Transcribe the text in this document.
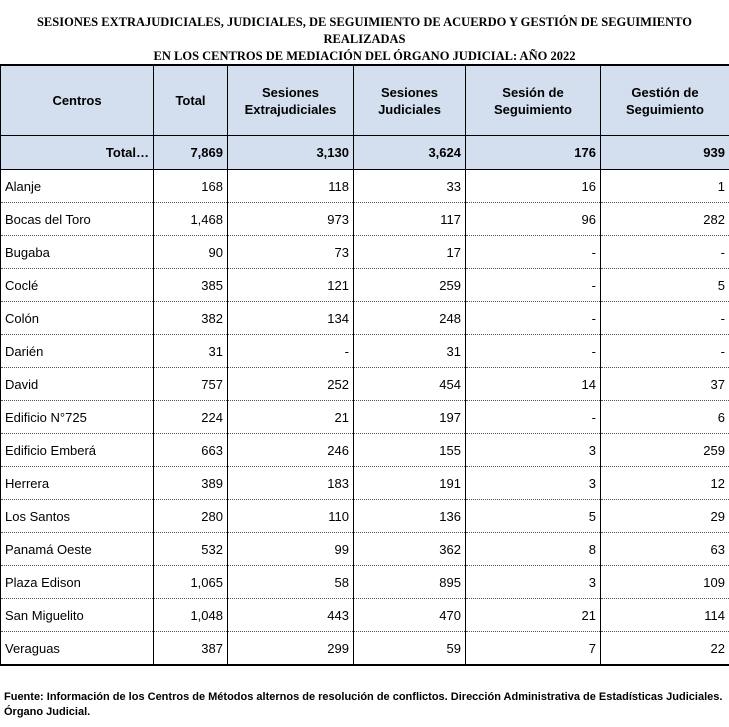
SESIONES EXTRAJUDICIALES, JUDICIALES, DE SEGUIMIENTO DE ACUERDO Y GESTIÓN DE SEGUIMIENTO REALIZADAS
EN LOS CENTROS DE MEDIACIÓN DEL ÓRGANO JUDICIAL: AÑO 2022
Centros	Total	Sesiones Extrajudiciales	Sesiones Judiciales	Sesión de Seguimiento	Gestión de Seguimiento
Total…	7,869	3,130	3,624	176	939
Alanje	168	118	33	16	1
Bocas del Toro	1,468	973	117	96	282
Bugaba	90	73	17	-	-
Coclé	385	121	259	-	5
Colón	382	134	248	-	-
Darién	31	-	31	-	-
David	757	252	454	14	37
Edificio N°725	224	21	197	-	6
Edificio Emberá	663	246	155	3	259
Herrera	389	183	191	3	12
Los Santos	280	110	136	5	29
Panamá Oeste	532	99	362	8	63
Plaza Edison	1,065	58	895	3	109
San Miguelito	1,048	443	470	21	114
Veraguas	387	299	59	7	22
Fuente: Información de los Centros de Métodos alternos de resolución de conflictos. Dirección Administrativa de Estadísticas Judiciales. Órgano Judicial.
